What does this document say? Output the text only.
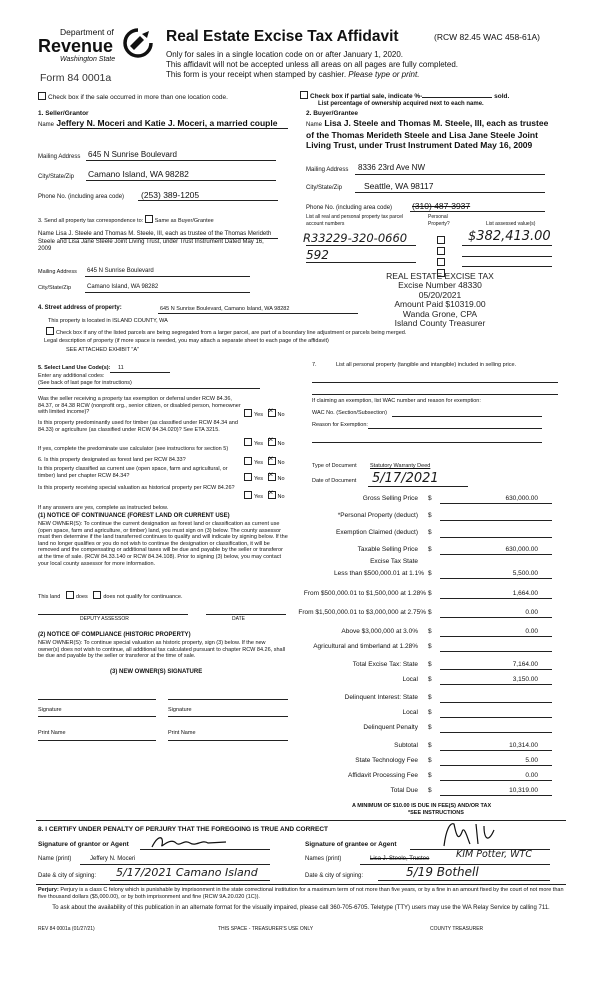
Department of
Revenue
Washington State
Form 84 0001a
Real Estate Excise Tax Affidavit	(RCW 82.45 WAC 458-61A)
Only for sales in a single location code on or after January 1, 2020.
This affidavit will not be accepted unless all areas on all pages are fully completed.
This form is your receipt when stamped by cashier. Please type or print.
Check box if the sale occurred in more than one location code.	Check box if partial sale, indicate %-	sold.
List percentage of ownership acquired next to each name.
1. Seller/Grantor
Name Jeffery N. Moceri and Katie J. Moceri, a married couple
Mailing Address 645 N Sunrise Boulevard
City/State/Zip Camano Island, WA 98282
Phone No. (including area code) (253) 389-1205
2. Buyer/Grantee
Name Lisa J. Steele and Thomas M. Steele, III, each as trustee of the Thomas Merideth Steele and Lisa Jane Steele Joint Living Trust, under Trust Instrument Dated May 16, 2009
Mailing Address 8336 23rd Ave NW
City/State/Zip	Seattle, WA 98117
Phone No. (including area code) (310) 487-3937
List all real and personal property tax parcel account numbers
Personal Property?	List assessed value(s)
R33229-320-0660
592
$382,413.00
REAL ESTATE EXCISE TAX
Excise Number 48330
05/20/2021
Amount Paid $10319.00
Wanda Grone, CPA
Island County Treasurer
3. Send all property tax correspondence to: Same as Buyer/Grantee
Name Lisa J. Steele and Thomas M. Steele, III, each as trustee of the Thomas Merideth Steele and Lisa Jane Steele Joint Living Trust, under Trust Instrument Dated May 16, 2009
Mailing Address 645 N Sunrise Boulevard
City/State/Zip	Camano Island, WA 98282
4. Street address of property:	645 N Sunrise Boulevard, Camano Island, WA 98282
This property is located in ISLAND COUNTY, WA
Check box if any of the listed parcels are being segregated from a larger parcel, are part of a boundary line adjustment or parcels being merged.
Legal description of property (if more space is needed, you may attach a separate sheet to each page of the affidavit)
SEE ATTACHED EXHIBIT "A"
5. Select Land Use Code(s): 11
Enter any additional codes:
(See back of last page for instructions)
Was the seller receiving a property tax exemption or deferral under RCW 84.36, 84.37, or 84.38 RCW (nonprofit org., senior citizen, or disabled person, homeowner with limited income)?	Yes ×	No
Is this property predominantly used for timber (as classified under RCW 84.34 and 84.33) or agriculture (as classified under RCW 84.34.020)? See ETA 3215.
Yes ×	No
If yes, complete the predominate use calculator (see instructions for section 5)
6. Is this property designated as forest land per RCW 84.33?	Yes ×	No
Is this property classified as current use (open space, farm and agricultural, or timber) land per chapter RCW 84.34?
Yes ×	No
Is this property receiving special valuation as historical property per RCW 84.26?
Yes ×	No
If any answers are yes, complete as instructed below.
(1) NOTICE OF CONTINUANCE (FOREST LAND OR CURRENT USE)
NEW OWNER(S): To continue the current designation as forest land or classification as current use (open space, farm and agriculture, or timber) land, you must sign on (3) below. The county assessor must then determine if the land transferred continues to qualify and will indicate by signing below. If the land no longer qualifies or you do not wish to continue the designation or classification, it will be removed and the compensating or additional taxes will be due and payable by the seller or transferor at the time of sale. (RCW 84.33.140 or RCW 84.34.108). Prior to signing (3) below, you may contact your local county assessor for more information.
This land	does	does not qualify for continuance.
DEPUTY ASSESSOR	DATE
(2) NOTICE OF COMPLIANCE (HISTORIC PROPERTY)
NEW OWNER(S): To continue special valuation as historic property, sign (3) below. If the new owner(s) does not wish to continue, all additional tax calculated pursuant to chapter RCW 84.26, shall be due and payable by the seller or transferor at the time of sale.
(3) NEW OWNER(S) SIGNATURE
Signature	Signature
Print Name	Print Name
7.	List all personal property (tangible and intangible) included in selling price.
If claiming an exemption, list WAC number and reason for exemption:
WAC No. (Section/Subsection)
Reason for Exemption:
Type of Document Statutory Warranty Deed
Date of Document 5/17/2021
Gross Selling Price $	630,000.00
*Personal Property (deduct) $
Exemption Claimed (deduct) $
Taxable Selling Price $	630,000.00
Excise Tax State
Less than $500,000.01 at 1.1% $	5,500.00
From $500,000.01 to $1,500,000 at 1.28% $	1,664.00
From $1,500,000.01 to $3,000,000 at 2.75% $	0.00
Above $3,000,000 at 3.0% $	0.00
Agricultural and timberland at 1.28% $
Total Excise Tax: State $	7,164.00
Local $	3,150.00
Delinquent Interest: State $
Local $
Delinquent Penalty $
Subtotal $	10,314.00
State Technology Fee $	5.00
Affidavit Processing Fee $	0.00
Total Due $	10,319.00
A MINIMUM OF $10.00 IS DUE IN FEE(S) AND/OR TAX
*SEE INSTRUCTIONS
8. I CERTIFY UNDER PENALTY OF PERJURY THAT THE FOREGOING IS TRUE AND CORRECT
Signature of grantor or Agent	Signature of grantee or Agent
Name (print)	Jeffery N. Moceri	Names (print)	Lisa J. Steele, Trustee	KIM Potter, WTC
Date & city of signing: 5/17/2021 Camano Island	Date & city of signing:	5/19 Bothell
Perjury: Perjury is a class C felony which is punishable by imprisonment in the state correctional institution for a maximum term of not more than five years, or by a fine in an amount fixed by the court of not more than five thousand dollars ($5,000.00), or by both imprisonment and fine (RCW 9A.20.020 (1C)).
To ask about the availability of this publication in an alternate format for the visually impaired, please call 360-705-6705. Teletype (TTY) users may use the WA Relay Service by calling 711.
REV 84 0001a (01/27/21)	THIS SPACE - TREASURER'S USE ONLY	COUNTY TREASURER
